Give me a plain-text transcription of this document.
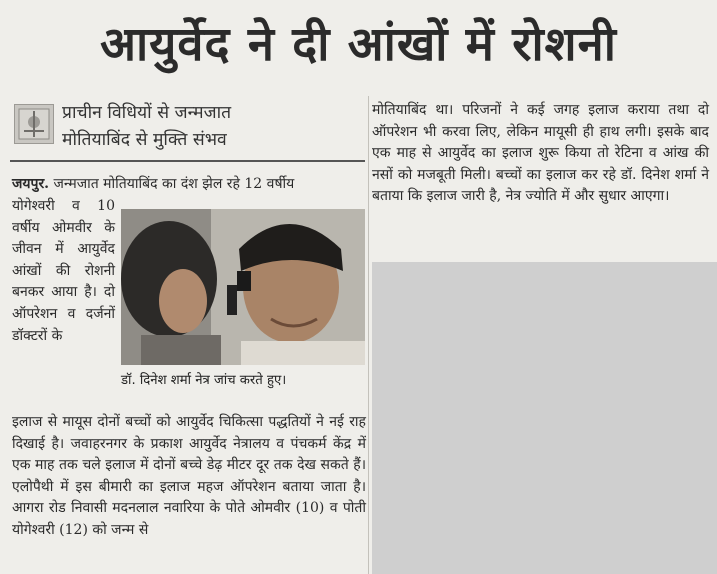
आयुर्वेद ने दी आंखों में रोशनी
प्राचीन विधियों से जन्मजात
मोतियाबिंद से मुक्ति संभव
जयपुर. जन्मजात मोतियाबिंद का दंश झेल रहे 12 वर्षीय
योगेश्वरी व 10 वर्षीय ओमवीर के जीवन में आयुर्वेद आंखों की रोशनी बनकर आया है। दो ऑपरेशन व दर्जनों डॉक्टरों के
डॉ. दिनेश शर्मा नेत्र जांच करते हुए।
इलाज से मायूस दोनों बच्चों को आयुर्वेद चिकित्सा पद्धतियों ने नई राह दिखाई है। जवाहरनगर के प्रकाश आयुर्वेद नेत्रालय व पंचकर्म केंद्र में एक माह तक चले इलाज में दोनों बच्चे डेढ़ मीटर दूर तक देख सकते हैं। एलोपैथी में इस बीमारी का इलाज महज ऑपरेशन बताया जाता है। आगरा रोड निवासी मदनलाल नवारिया के पोते ओमवीर (10) व पोती योगेश्वरी (12) को जन्म से
मोतियाबिंद था। परिजनों ने कई जगह इलाज कराया तथा दो ऑपरेशन भी करवा लिए, लेकिन मायूसी ही हाथ लगी। इसके बाद एक माह से आयुर्वेद का इलाज शुरू किया तो रेटिना व आंख की नसों को मजबूती मिली। बच्चों का इलाज कर रहे डॉ. दिनेश शर्मा ने बताया कि इलाज जारी है, नेत्र ज्योति में और सुधार आएगा।
